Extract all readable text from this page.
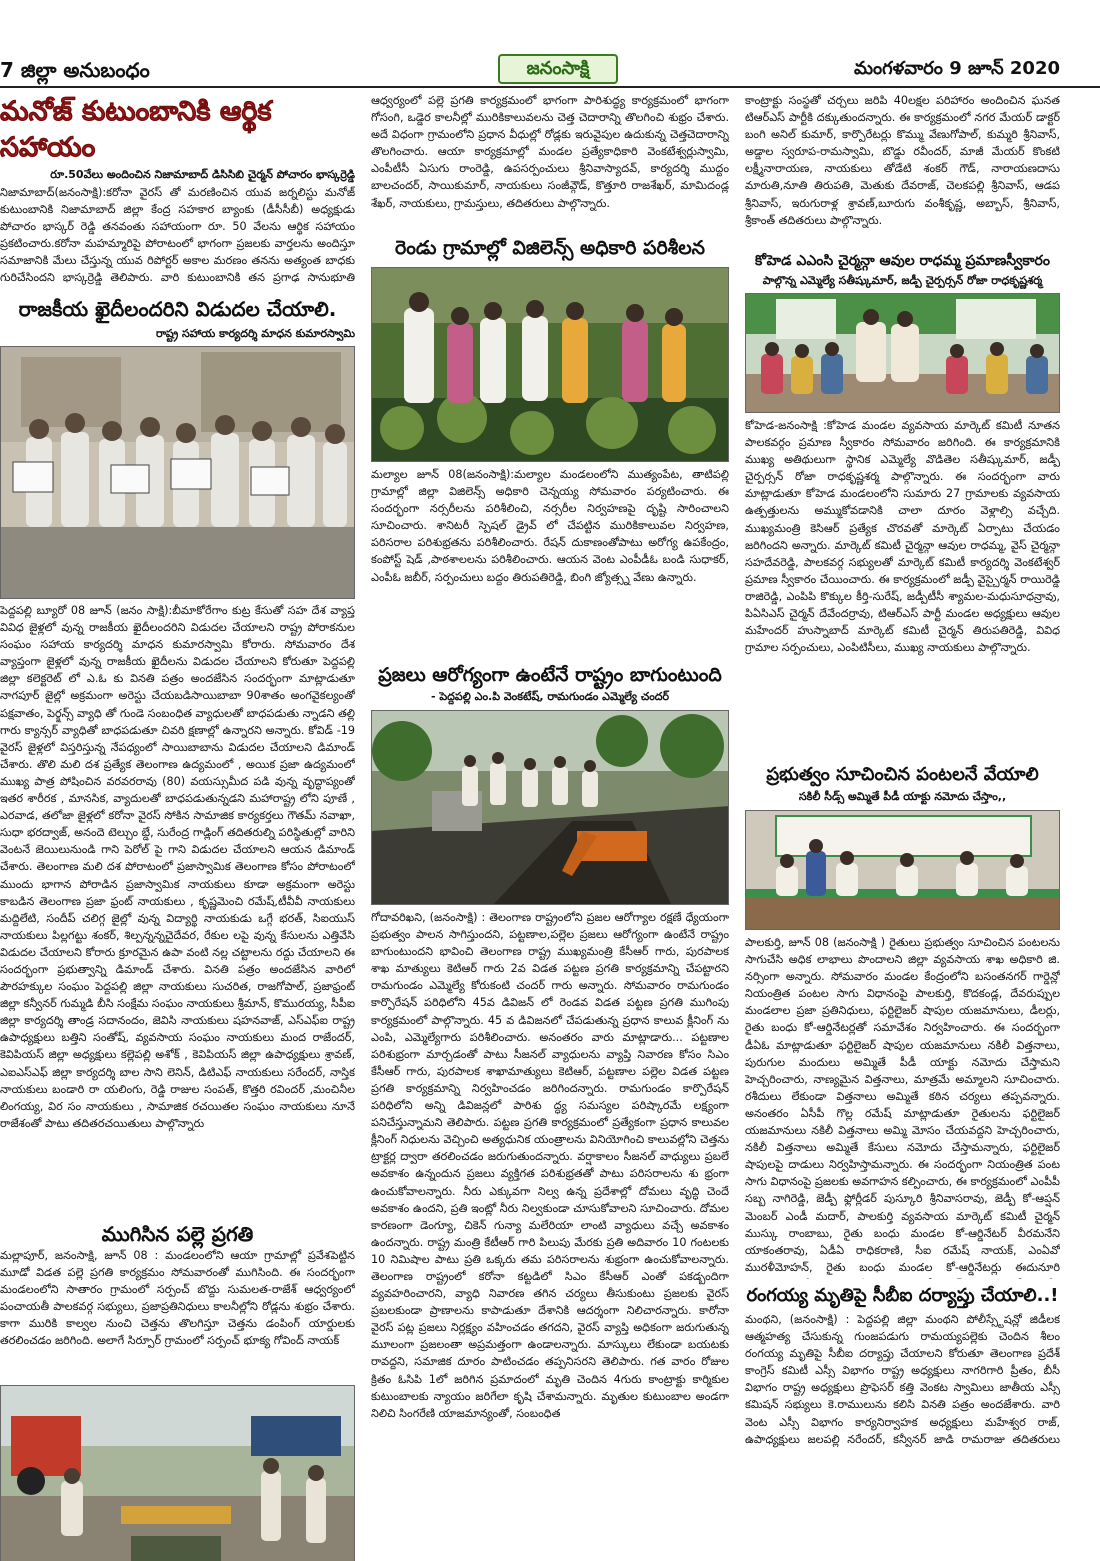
7 జిల్లా అనుబంధం	జనంసాక్షి	మంగళవారం 9 జూన్ 2020
మనోజ్ కుటుంబానికి ఆర్థిక సహాయం
రూ.50వేలు అందించిన నిజామాబాద్ డిసిసిబి చైర్మన్ పోచారం భాస్కర్రెడ్డి
నిజామాబాద్(జనంసాక్షి):కరోనా వైరస్ తో మరణించిన యువ జర్నలిస్టు మనోజ్ కుటుంబానికి నిజామాబాద్ జిల్లా కేంద్ర సహకార బ్యాంకు (డీసీసీబీ) అధ్యక్షుడు పోచారం భాస్కర్ రెడ్డి తనవంతు సహాయంగా రూ. 50 వేలను ఆర్థిక సహాయం ప్రకటించారు.కరోనా మహమ్మారిపై పోరాటంలో భాగంగా ప్రజలకు వార్తలను అందిస్తూ సమాజానికి మేలు చేస్తున్న యువ రిపోర్టర్ అకాల మరణం తనను అత్యంత బాధకు గురిచేసిందని భాస్కర్రెడ్డి తెలిపారు. వారి కుటుంబానికి తన ప్రగాఢ సానుభూతి
రాజకీయ ఖైదీలందరిని విడుదల చేయాలి.
రాష్ట్ర సహాయ కార్యదర్శి మాధన కుమారస్వామి
పెద్దపల్లి బ్యూరో 08 జూన్ (జనం సాక్షి):బీమాకోరేగాం కుట్ర కేసుతో సహ దేశ వ్యాప్త వివిధ జైళ్లలో వున్న రాజకీయ ఖైదీలందరిని విడుదల చేయాలని రాష్ట్ర పోరాకనుల సంఘం సహాయ కార్యదర్శి మాధన కుమారస్వామి కోరారు. సోమవారం దేశ వ్యాప్తంగా జైళ్లలో వున్న రాజకీయ ఖైదీలను విడుదల చేయాలని కోరుతూ పెద్దపల్లి జిల్లా కలెక్టరెట్ లో ఎ.ఓ కు వినతి పత్రం అందజేసిన సందర్భంగా మాట్లాడుతూ నాగపూర్ జైల్లో అక్రమంగా అరెస్టు చేయబడిసాయిబాబా 90శాతం అంగవైకల్యంతో పక్షవాతం, పెర్క్షన్స్ వ్యాధి తో గుండె సంబంధిత వ్యాధులతో బాధపడుతు న్నాడని తల్లి గారు క్యాన్సర్ వ్యాధితో బాధపడుతూ చివరి క్షణాల్లో ఉన్నారని అన్నారు. కోవిడ్ -19 వైరస్ జైళ్లలో విస్తరిస్తున్న నేపధ్యంలో సాయిబాబాను విడుదల చేయాలని డిమాండ్ చేశారు. తొలి మలి దశ ప్రత్యేక తెలంగాణ ఉద్యమంలో , అయిక ప్రజా ఉద్యమంలో ముఖ్య పాత్ర పోషించిన వరవరరావు (80) వయస్సుమీద పడి వున్న వృద్ధాప్యంతో ఇతర శారీరక , మానసిక, వ్యాదులతో బాధపడుతున్నడని మహారాష్ట్ర లోని పూణే , ఎరవాడ, తలోజా జైళ్లలో కరోనా వైరస్ సోకిన సామాజిక కార్యకర్తలు గౌతమ్ నవాఖా, సుధా భరద్వాజ్, అనందె టెల్చుం బ్డే, సురేంద్ర గాడ్లింగ్ తదితరుల్ని పరిస్థితుల్లో వారిని వెంటనే జెయిలునుండి గాని పెరోల్ పై గాని విడుదల చేయాలని ఆయన డిమాండ్ చేశారు. తెలంగాణ మలి దశ పోరాటంలో ప్రజాస్వామిక తెలంగాణ కోసం పోరాటంలో ముందు భాగాన పోరాడిన ప్రజాస్వామిక నాయకులు కూడా అక్రమంగా అరెస్టు కాబడిన తెలంగాణ ప్రజా ఫ్రంట్ నాయకులు , కృష్ణమెంచి రమేష్,టీవీవీ నాయకులు మద్దిలేటి, సందీప్ చలిగ్గ జైల్లో వున్న విద్యార్థి నాయకుడు ఒగ్గే భరత్, సిఐయుస్ నాయకులు పిల్లగట్టు శంకర్, శిల్పన్నన్నచైదేవర, రేకుల లపై వున్న కేసులను ఎత్తివేసి విడుదల చేయాలని కోరారు క్రూరమైన ఉపా వంటి నల్ల చట్టాలను రద్దు చేయాలని ఈ సందర్భంగా ప్రభుత్వాన్ని డిమాండ్ చేశారు. వినతి పత్రం అందజేసిన వారిలో పౌరహక్కుల సంఘం పెద్దపల్లి జిల్లా నాయకులు సుచరిత, రాజగోపాల్, ప్రజాఫ్రంట్ జిల్లా కన్వీనర్ గుమ్మడి బీసి సంక్షేమ సంఘం నాయకులు శ్రీమాన్, కొమురయ్య, సీపీఐ జిల్లా కార్యదర్శి తాండ్ర సదానందం, జెవిసి నాయకులు షహనవాజ్, ఎస్ఎఫ్ఐ రాష్ట్ర ఉపాధ్యక్షులు బత్తిని సంతోష్, వ్యవసాయ సంఘం నాయకులు మంద రాజేందర్, కెవిపియస్ జిల్లా అధ్యక్షులు కల్లెపల్లి అశోక్ , కెవిపియస్ జిల్లా ఉపాధ్యక్షులు శ్రావణ్, ఎఐఎస్ఎఫ్ జిల్లా కార్యదర్శి బాల సాని లెనిన్, డిటిఎఫ్ నాయకులు సరేందర్, నాస్తిక నాయకులు బండారి రా యలింగు, రెడ్డి రాజుల సంపత్, కొత్తరి రవిందర్ ,మంచినీల లింగయ్య, విర సం నాయకులు , సామాజిక రచయితల సంఘం నాయకులు నూనే రాజేశంతో పాటు తదితరచయితులు పాల్గొన్నారు
ముగిసిన పల్లె ప్రగతి
మల్లాపూర్, జనంసాక్షి, జూన్ 08 : మండలంలోని ఆయా గ్రామాల్లో ప్రవేశపెట్టిన మూడో విడత పల్లె ప్రగతి కార్యక్రమం సోమవారంతో ముగిసింది. ఈ సందర్భంగా మండలంలోని సాతారం గ్రామంలో సర్పంచ్ బొద్దు సుమలత-రాజేశ్ ఆధ్వర్యంలో పంచాయతీ పాలకవర్గ సభ్యులు, ప్రజాప్రతినిధులు కాలనీల్లోని రోడ్లను శుభ్రం చేశారు. కాగా మురికి కాల్వల నుంచి చెత్తను తొలగిస్తూ చెత్తను డంపింగ్ యార్డులకు తరలించడం జరిగింది. అలాగే సిర్పూర్ గ్రామంలో సర్పంచ్ భూక్య గోవింద్ నాయక్
ఆధ్వర్యంలో పల్లె ప్రగతి కార్యక్రమంలో భాగంగా పారిశుద్ధ్య కార్యక్రమంలో భాగంగా గోసంగి, ఒడ్డెర కాలనీల్లో మురికికాలువలను చెత్త చెదారాన్ని తొలగించి శుభ్రం చేశారు. అదే విధంగా గ్రామంలోని ప్రధాన వీధుల్లో రోడ్లకు ఇరువైపుల ఉదుకున్న చెత్తచెదారాన్ని తొలగించారు. ఆయా కార్యక్రమాల్లో మండల ప్రత్యేకాధికారి వెంకటేశ్వర్లుస్వామి, ఎంపీటీసీ ఏసుగు రాంరెడ్డి, ఉపసర్పంచులు శ్రీనివాస్యాదవ్, కార్యదర్శి ముద్దం బాలచందర్, సాయికుమార్, నాయకులు సంజీవ్గౌడ్, కొత్తూరి రాజశేఖర్, మామిదండ్ల శేఖర్, నాయకులు, గ్రామస్తులు, తదితరులు పాల్గొన్నారు.
రెండు గ్రామాల్లో విజిలెన్స్ అధికారి పరిశీలన
మల్యాల జూన్ 08(జనంసాక్షి):మల్యాల మండలంలోని ముత్యంపేట, తాటిపల్లి గ్రామాల్లో జిల్లా విజిలెన్స్ అధికారి చెన్నయ్య సోమవారం పర్యటించారు. ఈ సందర్భంగా నర్సరీలను పరిశీలించి, నర్సరీల నిర్వహణపై దృష్టి సారించాలని సూచించారు. శానిటరీ స్పెషల్ డ్రైవ్ లో చేపట్టిన మురికికాలువల నిర్వహణ, పరిసరాల పరిశుభ్రతను పరిశీలించారు. రేషన్ దుకాణంతోపాటు అరోగ్య ఉపకేంద్రం, కంపోస్ట్ షెడ్ ,పాఠశాలలను పరిశీలించారు. ఆయన వెంట ఎంపీడీఓ బండి సుధాకర్, ఎంపీఓ జబీర్, సర్పంచులు బద్దం తిరుపతిరెడ్డి, బింగి జ్యోత్స్న వేణు ఉన్నారు.
ప్రజలు ఆరోగ్యంగా ఉంటేనే రాష్ట్రం బాగుంటుంది
- పెద్దపల్లి ఎం.పి వెంకటేష్, రామగుండం ఎమ్మెల్యే చందర్
గోదావరిఖని, (జనంసాక్షి) : తెలంగాణ రాష్ట్రంలోని ప్రజల ఆరోగ్యాల రక్షణే ధ్యేయంగా ప్రభుత్వం పాలన సాగిస్తుందని, పట్టణాల,పల్లెల ప్రజలు ఆరోగ్యంగా ఉంటేనే రాష్ట్రం బాగుంటుందని భావించి తెలంగాణ రాష్ట్ర ముఖ్యమంత్రి కేసీఆర్ గారు, పురపాలక శాఖ మాత్యులు కెటిఆర్ గారు 2వ విడత పట్టణ ప్రగతి కార్యక్రమాన్ని చేపట్టారని రామగుండం ఎమ్మెల్యే కోరుకంటి చందర్ గారు అన్నారు. సోమవారం రామగుండం కార్పొరేషన్ పరిధిలోని 45వ డివిజన్ లో రెండవ విడత పట్టణ ప్రగతి ముగింపు కార్యక్రమంలో పాల్గొన్నారు. 45 వ డివిజనలో చేపడుతున్న ప్రధాన కాలువ క్లీనింగ్ ను ఎంపి, ఎమ్మెల్యేగారు పరిశీలించారు. అనంతరం వారు మాట్లాడారు... పట్టణాల పరిశుభ్రంగా మార్చడంతో పాటు సీజనల్ వ్యాధులను వ్యాప్తి నివారణ కోసం సిఎం కేసీఆర్ గారు, పురపాలక శాఖామాత్యులు కెటిఆర్, పట్టణాల పల్లెల విడత పట్టణ ప్రగతి కార్యక్రమాన్ని నిర్వహించడం జరిగిందన్నారు. రామగుండం కార్పొరేషన్ పరిధిలోని అన్ని డివిజన్లలో పారిశు ద్ధ్య సమస్యల పరిష్కారమే లక్ష్యంగా పనిచేస్తున్నామని తెలిపారు. పట్టణ ప్రగతి కార్యక్రమంలో ప్రత్యేకంగా ప్రధాన కాలువల క్లీనింగ్ నిధులను వెచ్చించి అత్యధునిక యంత్రాలను వినియోగించి కాలువల్లోని చెత్తను ట్రాక్టర్ల ద్వారా తరలించడం జరుగుతుందన్నారు. వర్షాకాలం సీజనల్ వాధ్యులు ప్రబలే అవకాశం ఉన్నందున ప్రజలు వ్యక్తిగత పరిశుభ్రతతో పాటు పరిసరాలను శు భ్రంగా ఉంచుకోవాలన్నారు. నీరు ఎక్కువగా నిల్వ ఉన్న ప్రదేశాల్లో దోమలు వృద్ధి చెందే అవకాశం ఉందని, ప్రతి ఇంట్లో నీరు నిల్వకుండా చూసుకోవాలని సూచించారు. దోమల కారణంగా డెంగ్యూ, చికెన్ గున్యా మలేరియా లాంటి వ్యాధులు వచ్చే అవకాశం ఉందన్నారు. రాష్ట్ర మంత్రి కేటీఆర్ గారి పిలుపు మేరకు ప్రతి అదివారం 10 గంటలకు 10 నిమిషాల పాటు ప్రతి ఒక్కరు తమ పరిసరాలను శుభ్రంగా ఉంచుకోవాలన్నారు. తెలంగాణ రాష్ట్రంలో కరోనా కట్టడిలో సిఎం కేసీఆర్ ఎంతో పకడ్బందిగా వ్యవహరించారని, వ్యాధి నివారణ తగిన చర్యలు తీసుకుంటు ప్రజలకు వైరస్ ప్రబలకుండా ప్రాణాలను కాపాడుతూ దేశానికి ఆదర్శంగా నిలిచారన్నారు. కారోనా వైరస్ పట్ల ప్రజలు నిర్లక్ష్యం వహించడం తగదని, వైరస్ వ్యాప్తి అధికంగా జరుగుతున్న మూలంగా ప్రజలంతా అప్రమత్తంగా ఉండాలన్నారు. మాస్కులు లేకుండా బయటకు రావద్దని, సమాజిక దూరం పాటించడం తప్పనిసరని తెలిపారు. గత వారం రోజుల క్రితం ఓసిపి 1లో జరిగిన ప్రమాదంలో మృతి చెందిన 4గురు కాంట్రాక్టు కార్మికుల కుటుంబాలకు న్యాయం జరిగేలా కృషి చేశామన్నారు. మృతుల కుటుంబాల అండగా నిలిచి సింగరేణి యాజమాన్యంతో, సంబంధిత
కాంట్రాక్టు సంస్థతో చర్చలు జరిపి 40లక్షల పరిహారం అందించిన ఘనత టిఆర్ఎస్ పార్టీకి దక్కుతుందన్నారు. ఈ కార్యక్రమంలో నగర మేయర్ డాక్టర్ బంగి అనిల్ కుమార్, కార్పొరేటర్లు కొమ్ము వేణుగోపాల్, కుమ్మరి శ్రీనివాస్, అడ్డాల స్వరూప-రామస్వామి, బొడ్డు రవీందర్, మాజీ మేయర్ కొంకటి లక్ష్మీనారాయణ, నాయకులు తోడేటి శంకర్ గౌడ్, నారాయణదాసు మారుతి,నూతి తిరుపతి, మెతుకు దేవరాజ్, చెలకపల్లి శ్రీనివాస్, ఆడప శ్రీనివాస్, ఇరుగురాళ్ల శ్రావణ్,బూరుగు వంశీకృష్ణ, అబ్బాస్, శ్రీనివాస్, శ్రీకాంత్ తదితరులు పాల్గొన్నారు.
కోహెడ ఎఎంసి చైర్మన్గా ఆవుల రాధమ్మ ప్రమాణస్వీకారం
పాల్గొన్న ఎమ్మెల్యే సతీష్కుమార్, జడ్పీ చైర్పర్సన్ రోజా రాధకృష్ణశర్మ
కోహెడ-జనంసాక్షి :కోహెడ మండల వ్యవసాయ మార్కెట్ కమిటీ నూతన పాలకవర్గం ప్రమాణ స్వీకారం సోమవారం జరిగింది. ఈ కార్యక్రమానికి ముఖ్య అతిథులుగా స్థానిక ఎమ్మెల్యే వొడితెల సతీష్కుమార్, జడ్పీ చైర్పర్సన్ రోజా రాధకృష్ణశర్మ పాల్గొన్నారు. ఈ సందర్భంగా వారు మాట్లాడుతూ కోహెడ మండలంలోని సుమారు 27 గ్రామాలకు వ్యవసాయ ఉత్పత్తులను అమ్ముకోవడానికి చాలా దూరం వెళ్లాల్సి వచ్చేది. ముఖ్యమంత్రి కెసిఆర్ ప్రత్యేక చొరవతో మార్కెట్ ఏర్పాటు చేయడం జరిగిందని అన్నారు. మార్కెట్ కమిటీ చైర్మన్గా ఆవుల రాధమ్మ, వైస్ చైర్మన్గా సహదేవరెడ్డి, పాలకవర్గ సభ్యులతో మార్కెట్ కమిటీ కార్యదర్శి వెంకటేశ్వర్ ప్రమాణ స్వీకారం చేయించారు. ఈ కార్యక్రమంలో జడ్పీ వైస్చైర్మన్ రాయిరెడ్డి రాజిరెడ్డి, ఎంపిపి కొక్కుల కీర్తి-సురేష్, జడ్పీటీసీ శ్యామల-మధుసూధన్రావు, పిఏసిఎస్ చైర్మన్ దేవేందర్రావు, టిఆర్ఎస్ పార్టీ మండల అధ్యక్షులు ఆవుల మహేందర్ హుస్నాబాద్ మార్కెట్ కమిటీ చైర్మన్ తిరుపతిరెడ్డి, వివిధ గ్రామాల సర్పంచులు, ఎంపిటిసీలు, ముఖ్య నాయకులు పాల్గొన్నారు.
ప్రభుత్వం సూచించిన పంటలనే వేయాలి
సకిలీ సీడ్స్ అమ్మితే పీడీ యాక్టు నమోదు చేస్తాం,,
పాలకుర్తి, జూన్ 08 (జనంసాక్షి ) రైతులు ప్రభుత్వం సూచించిన పంటలను సాగుచేసి అధిక లాభాలు పొందాలని జిల్లా వ్యవసాయ శాఖ అధికారి జి. నర్సింగా అన్నారు. సోమవారం మండల కేంద్రంలోని బసంతనగర్ గార్డెన్లో నియంత్రిత పంటల సాగు విధానంపై పాలకుర్తి, కొదకండ్ల, దేవరుప్పుల మండలాల ప్రజా ప్రతినిధులు, ఫర్టిలైజర్ షాపుల యజమానులు, డీలర్లు, రైతు బంధు కో-ఆర్డినేటర్లతో సమావేశం నిర్వహించారు. ఈ సందర్భంగా డీఏఓ మాట్లాడుతూ ఫర్టిలైజర్ షాపుల యజమానులు నకిలీ విత్తనాలు, పురుగుల మందులు అమ్మితే పీడీ యాక్టు నమోదు చేస్తామని హెచ్చరించారు, నాణ్యమైన విత్తనాలు, మాత్రమే అమ్మాలని సూచించారు. రశీదులు లేకుండా విత్తనాలు అమ్మితే కఠిన చర్యలు తప్పవన్నారు. అనంతరం ఏసీపీ గొల్ల రమేష్ మాట్లాడుతూ రైతులను ఫర్టిలైజర్ యజమానులు నకిలీ విత్తనాలు అమ్మి మోసం చేయవద్దని హెచ్చరించారు, నకిలీ విత్తనాలు అమ్మితే కేసులు నమోదు చేస్తామన్నారు, ఫర్టిలైజర్ షాపులపై దాడులు నిర్వహిస్తామన్నారు. ఈ సందర్భంగా నియంత్రిత పంట సాగు విధానంపై ప్రజలకు అవగాహన కల్పించారు, ఈ కార్యక్రమంలో ఎంపీపీ సబ్బ నాగిరెడ్డి, జెడ్పీ ఫ్లోర్లీడర్ పుస్కూరి శ్రీనివాసరావు, జెడ్పీ కో-ఆప్షన్ మెంబర్ ఎండీ మదార్, పాలకుర్తి వ్యవసాయ మార్కెట్ కమిటీ చైర్మన్ ముస్కు రాంబాబు, రైతు బంధు మండల కో-ఆర్డినేటర్ వీరమనేని యాకంతరావు, ఏడీఏ రాధికరాణి, సీఐ రమేష్ నాయక్, ఎంఏవో మురళీమోహన్, రైతు బంధు మండల కో-ఆర్డినేటర్లు ఈదునూరి
రంగయ్య మృతిపై సీబీఐ దర్యాప్తు చేయాలి..!
మంథని, (జనంసాక్షి) : పెద్దపల్లి జిల్లా మంథని పోలీస్స్టేషన్లో జిడీలక ఆత్మహత్య చేసుకున్న గుంజపడుగు రామయ్యపల్లెకు చెందిన శీలం రంగయ్య మృతిపై సీబీఐ దర్యాప్తు చేయాలని కోరుతూ తెలంగాణ ప్రదేశ్ కాంగ్రెస్ కమిటీ ఎస్సీ విభాగం రాష్ట్ర అధ్యక్షులు నాగరిగారి ప్రీతం, బీసీ విభాగం రాష్ట్ర అధ్యక్షులు ప్రొఫెసర్ కత్తి వెంకట స్వామిలు జాతీయ ఎస్సీ కమిషన్ సభ్యులు కె.రాములును కలిసి వినతి పత్రం అందజేశారు. వారి వెంట ఎస్సీ విభాగం కార్యనిర్వాహక అధ్యక్షులు మహేశ్వర రాజ్, ఉపాధ్యక్షులు జలపల్లి నరేందర్, కన్వీనర్ జాడి రామరాజు తదితరులు
